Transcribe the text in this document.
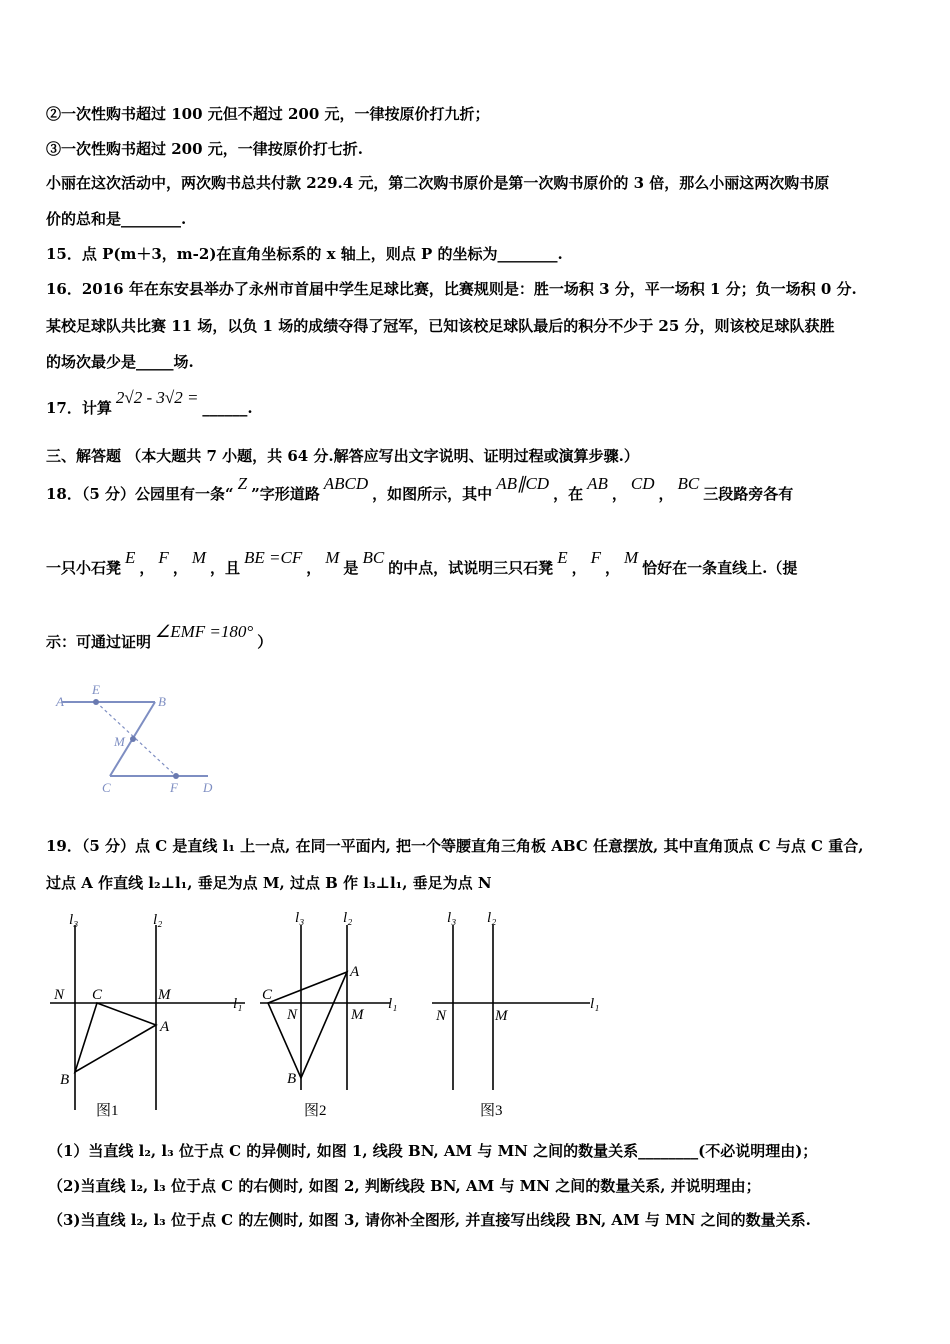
②一次性购书超过 100 元但不超过 200 元，一律按原价打九折；
③一次性购书超过 200 元，一律按原价打七折.
小丽在这次活动中，两次购书总共付款 229.4 元，第二次购书原价是第一次购书原价的 3 倍，那么小丽这两次购书原
价的总和是________.
15．点 P(m＋3，m-2)在直角坐标系的 x 轴上，则点 P 的坐标为________.
16．2016 年在东安县举办了永州市首届中学生足球比赛，比赛规则是：胜一场积 3 分，平一场积 1 分；负一场积 0 分.
某校足球队共比赛 11 场，以负 1 场的成绩夺得了冠军，已知该校足球队最后的积分不少于 25 分，则该校足球队获胜
的场次最少是_____场.
17．计算2√2 - 3√2 =______.
三、解答题 （本大题共 7 小题，共 64 分.解答应写出文字说明、证明过程或演算步骤.）
18．（5 分）公园里有一条“Z”字形道路ABCD，如图所示，其中AB∥CD，在AB，CD，BC三段路旁各有
一只小石凳E，F，M，且BE =CF，M是BC的中点，试说明三只石凳E，F，M恰好在一条直线上.（提
示：可通过证明∠EMF =180°）
A
E
B
M
C	F D
19．（5 分）点 C 是直线 l₁ 上一点, 在同一平面内, 把一个等腰直角三角板 ABC 任意摆放, 其中直角顶点 C 与点 C 重合,
过点 A 作直线 l₂⊥l₁, 垂足为点 M, 过点 B 作 l₃⊥l₁, 垂足为点 N
l₃	l₂
l₁
N C	M
A
B
l₃	l₂
l₁
C
N	M
A
B
l₃ l₂
l₁
N	M
图1	图2	图3
（1）当直线 l₂, l₃ 位于点 C 的异侧时, 如图 1, 线段 BN, AM 与 MN 之间的数量关系________(不必说明理由)；
（2)当直线 l₂, l₃ 位于点 C 的右侧时, 如图 2, 判断线段 BN, AM 与 MN 之间的数量关系, 并说明理由；
（3)当直线 l₂, l₃ 位于点 C 的左侧时, 如图 3, 请你补全图形, 并直接写出线段 BN, AM 与 MN 之间的数量关系.
